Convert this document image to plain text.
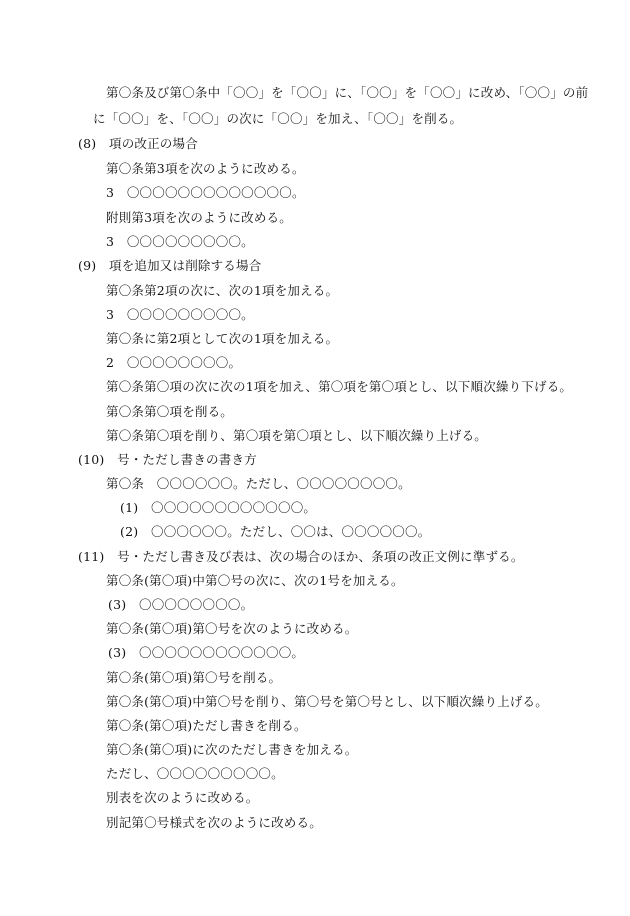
第〇条及び第〇条中「〇〇」を「〇〇」に、「〇〇」を「〇〇」に改め、「〇〇」の前
に「〇〇」を、「〇〇」の次に「〇〇」を加え、「〇〇」を削る。
(8)　項の改正の場合
第〇条第3項を次のように改める。
3　〇〇〇〇〇〇〇〇〇〇〇〇〇。
附則第3項を次のように改める。
3　〇〇〇〇〇〇〇〇〇。
(9)　項を追加又は削除する場合
第〇条第2項の次に、次の1項を加える。
3　〇〇〇〇〇〇〇〇〇。
第〇条に第2項として次の1項を加える。
2　〇〇〇〇〇〇〇〇。
第〇条第〇項の次に次の1項を加え、第〇項を第〇項とし、以下順次繰り下げる。
第〇条第〇項を削る。
第〇条第〇項を削り、第〇項を第〇項とし、以下順次繰り上げる。
(10)　号・ただし書きの書き方
第〇条　〇〇〇〇〇〇。ただし、〇〇〇〇〇〇〇〇。
(1)　〇〇〇〇〇〇〇〇〇〇〇〇。
(2)　〇〇〇〇〇〇。ただし、〇〇は、〇〇〇〇〇〇。
(11)　号・ただし書き及び表は、次の場合のほか、条項の改正文例に準ずる。
第〇条(第〇項)中第〇号の次に、次の1号を加える。
(3)　〇〇〇〇〇〇〇〇。
第〇条(第〇項)第〇号を次のように改める。
(3)　〇〇〇〇〇〇〇〇〇〇〇〇。
第〇条(第〇項)第〇号を削る。
第〇条(第〇項)中第〇号を削り、第〇号を第〇号とし、以下順次繰り上げる。
第〇条(第〇項)ただし書きを削る。
第〇条(第〇項)に次のただし書きを加える。
ただし、〇〇〇〇〇〇〇〇〇。
別表を次のように改める。
別記第〇号様式を次のように改める。
